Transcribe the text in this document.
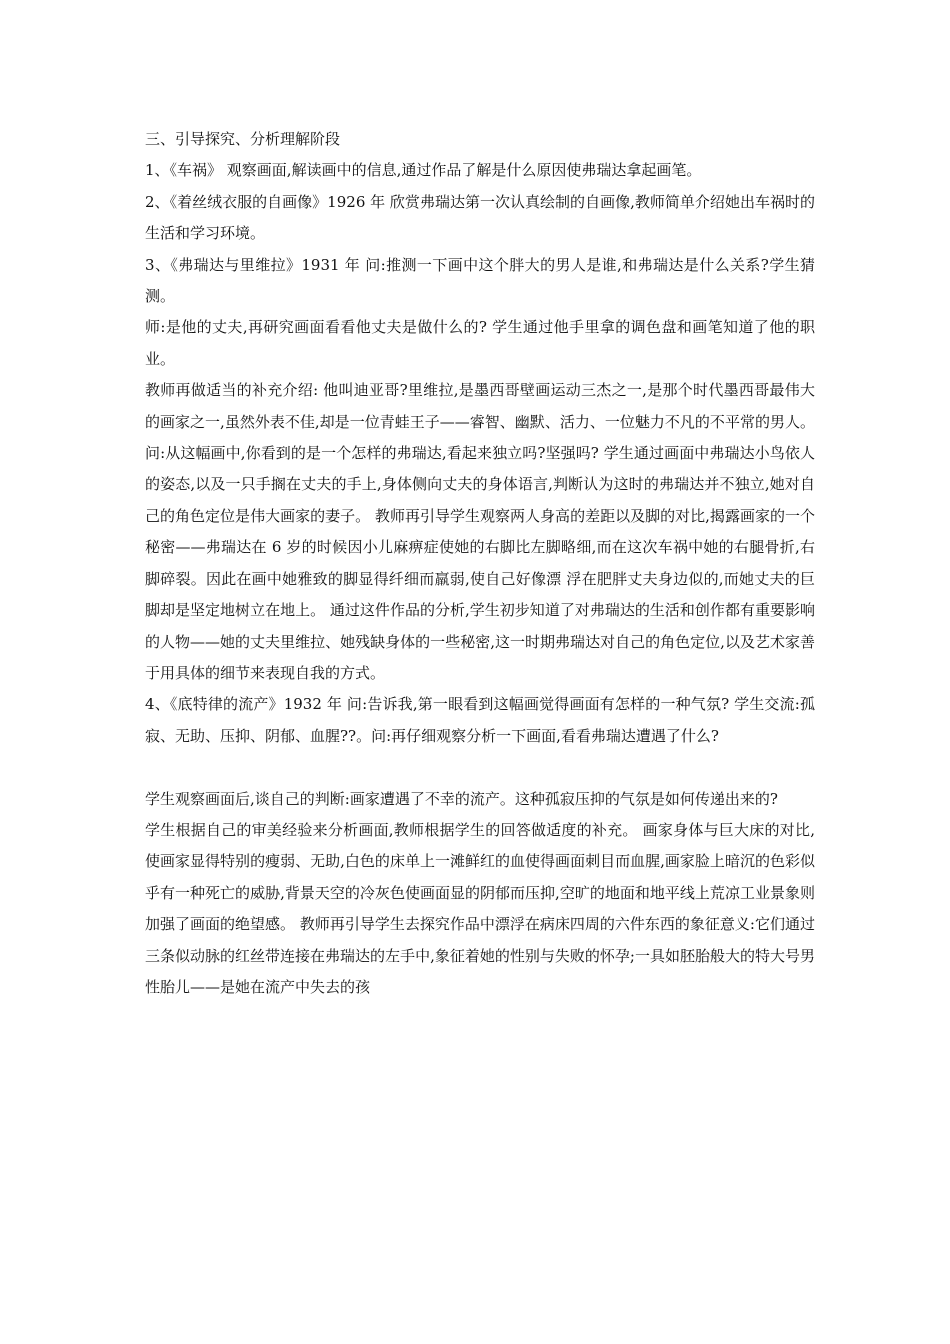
三、引导探究、分析理解阶段

1、《车祸》 观察画面,解读画中的信息,通过作品了解是什么原因使弗瑞达拿起画笔。

2、《着丝绒衣服的自画像》1926 年 欣赏弗瑞达第一次认真绘制的自画像,教师简单介绍她出车祸时的生活和学习环境。

3、《弗瑞达与里维拉》1931 年 问:推测一下画中这个胖大的男人是谁,和弗瑞达是什么关系?学生猜测。

师:是他的丈夫,再研究画面看看他丈夫是做什么的? 学生通过他手里拿的调色盘和画笔知道了他的职业。

教师再做适当的补充介绍: 他叫迪亚哥?里维拉,是墨西哥壁画运动三杰之一,是那个时代墨西哥最伟大的画家之一,虽然外表不佳,却是一位青蛙王子——睿智、幽默、活力、一位魅力不凡的不平常的男人。 问:从这幅画中,你看到的是一个怎样的弗瑞达,看起来独立吗?坚强吗? 学生通过画面中弗瑞达小鸟依人的姿态,以及一只手搁在丈夫的手上,身体侧向丈夫的身体语言,判断认为这时的弗瑞达并不独立,她对自己的角色定位是伟大画家的妻子。 教师再引导学生观察两人身高的差距以及脚的对比,揭露画家的一个秘密——弗瑞达在 6 岁的时候因小儿麻痹症使她的右脚比左脚略细,而在这次车祸中她的右腿骨折,右脚碎裂。因此在画中她雅致的脚显得纤细而羸弱,使自己好像漂 浮在肥胖丈夫身边似的,而她丈夫的巨脚却是坚定地树立在地上。 通过这件作品的分析,学生初步知道了对弗瑞达的生活和创作都有重要影响的人物——她的丈夫里维拉、她残缺身体的一些秘密,这一时期弗瑞达对自己的角色定位,以及艺术家善于用具体的细节来表现自我的方式。

4、《底特律的流产》1932 年 问:告诉我,第一眼看到这幅画觉得画面有怎样的一种气氛? 学生交流:孤寂、无助、压抑、阴郁、血腥??。问:再仔细观察分析一下画面,看看弗瑞达遭遇了什么?

学生观察画面后,谈自己的判断:画家遭遇了不幸的流产。这种孤寂压抑的气氛是如何传递出来的?

学生根据自己的审美经验来分析画面,教师根据学生的回答做适度的补充。 画家身体与巨大床的对比,使画家显得特别的瘦弱、无助,白色的床单上一滩鲜红的血使得画面刺目而血腥,画家脸上暗沉的色彩似乎有一种死亡的威胁,背景天空的冷灰色使画面显的阴郁而压抑,空旷的地面和地平线上荒凉工业景象则加强了画面的绝望感。 教师再引导学生去探究作品中漂浮在病床四周的六件东西的象征意义:它们通过三条似动脉的红丝带连接在弗瑞达的左手中,象征着她的性别与失败的怀孕;一具如胚胎般大的特大号男性胎儿——是她在流产中失去的孩
